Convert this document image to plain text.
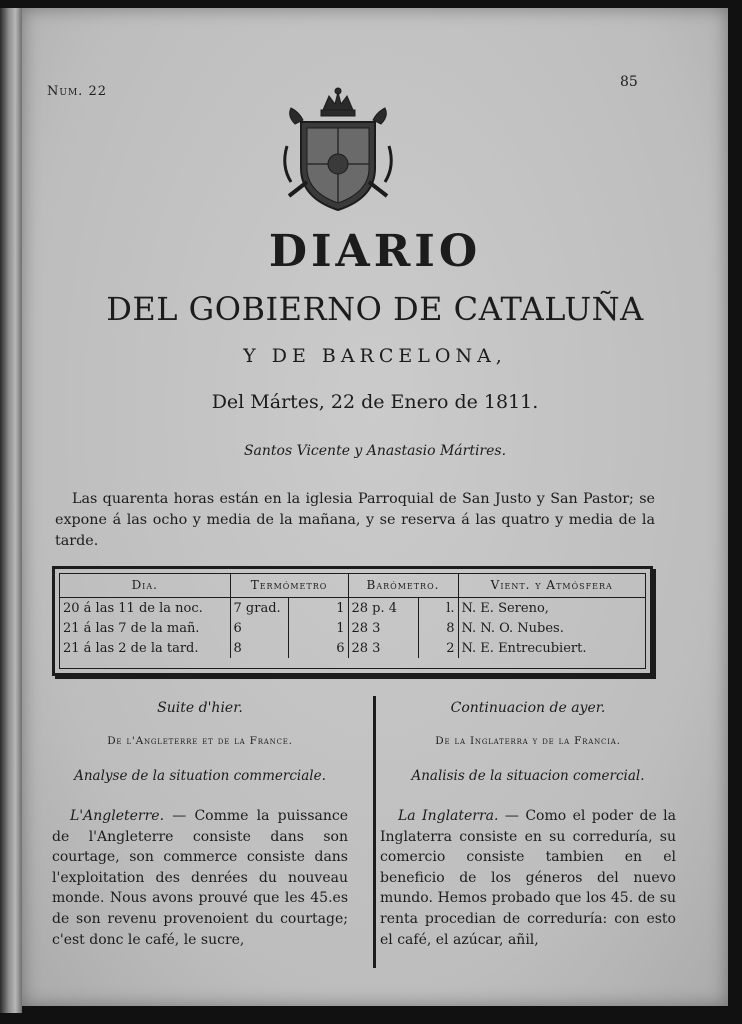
Num. 22
85
DIARIO
DEL GOBIERNO DE CATALUÑA
Y DE BARCELONA,
Del Mártes, 22 de Enero de 1811.
Santos Vicente y Anastasio Mártires.
Las quarenta horas están en la iglesia Parroquial de San Justo y San Pastor; se expone á las ocho y media de la mañana, y se reserva á las quatro y media de la tarde.
Dia.	Termómetro		Barómetro.		Vient. y Atmósfera
20 á las 11 de la noc.	7 grad.	1	28 p. 4	l.	N. E. Sereno,
21 á las 7 de la mañ.	6	1	28 3	8	N. N. O. Nubes.
21 á las 2 de la tard.	8	6	28 3	2	N. E. Entrecubiert.
Suite d'hier.
De l'Angleterre et de la France.
Analyse de la situation commerciale.
L'Angleterre. — Comme la puissance de l'Angleterre consiste dans son courtage, son commerce consiste dans l'exploitation des denrées du nouveau monde. Nous avons prouvé que les 45.es de son revenu provenoient du courtage; c'est donc le café, le sucre,
Continuacion de ayer.
De la Inglaterra y de la Francia.
Analisis de la situacion comercial.
La Inglaterra. — Como el poder de la Inglaterra consiste en su correduría, su comercio consiste tambien en el beneficio de los géneros del nuevo mundo. Hemos probado que los 45. de su renta procedian de correduría: con esto el café, el azúcar, añil,
